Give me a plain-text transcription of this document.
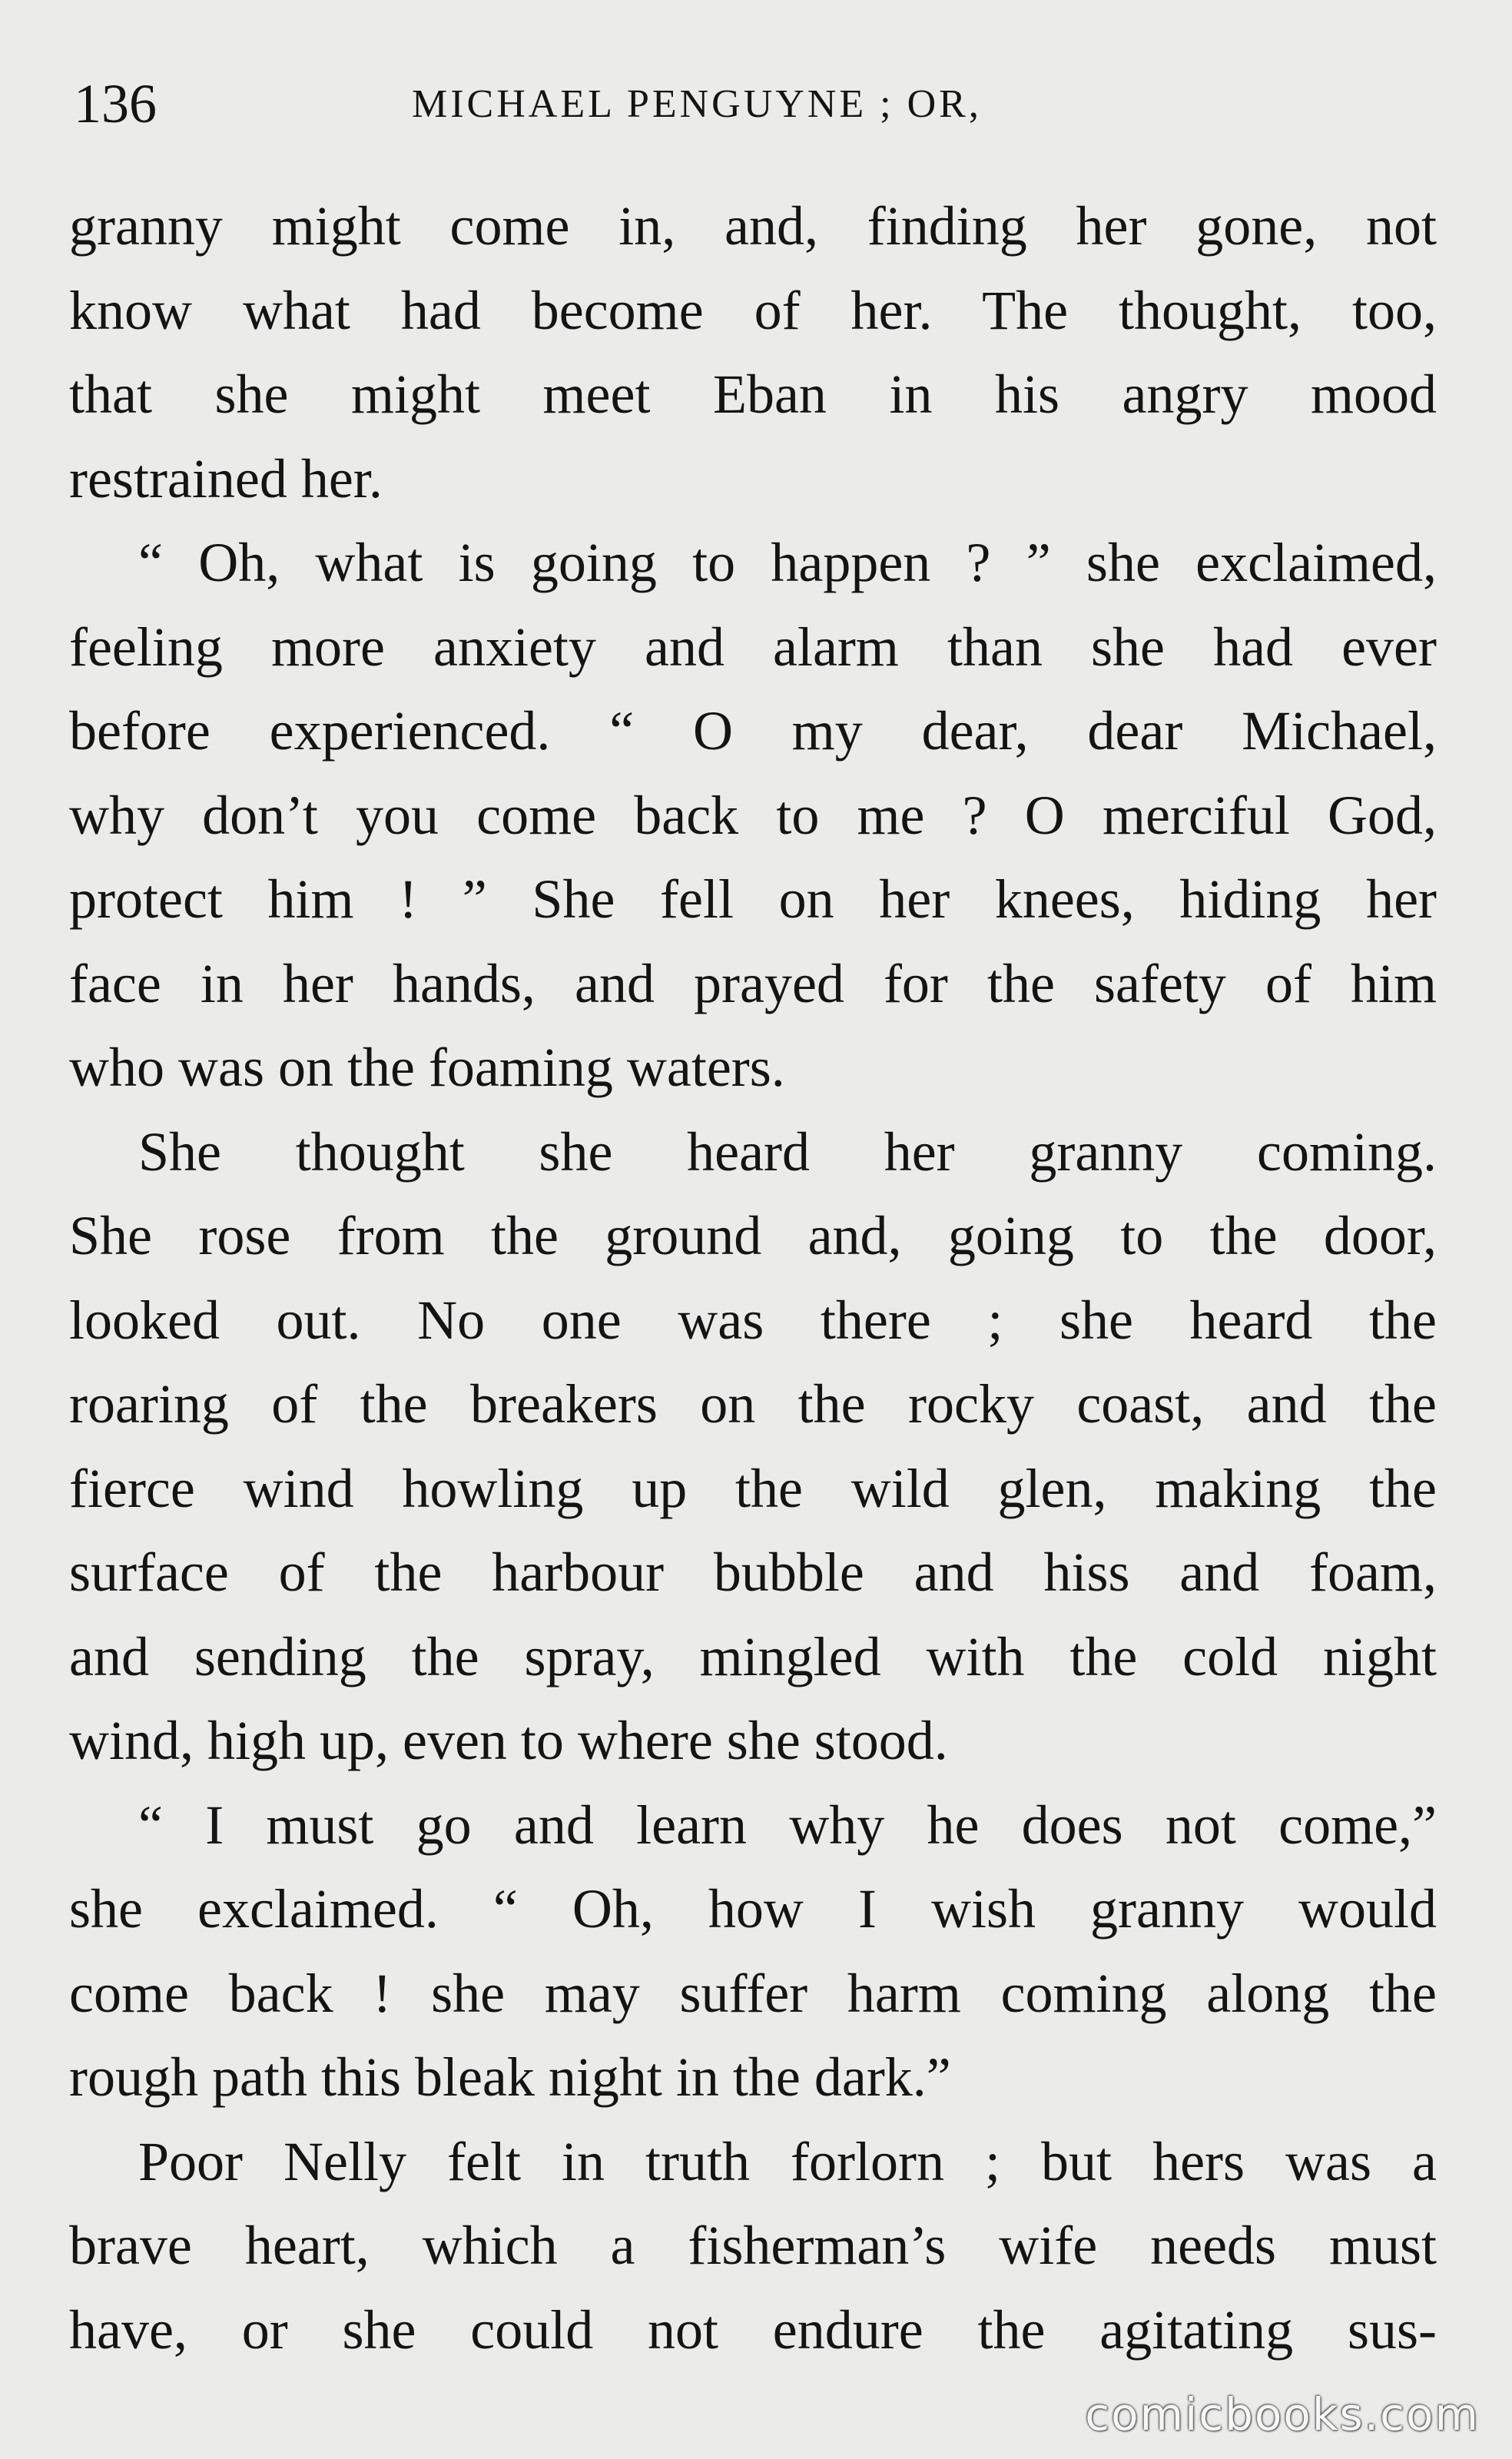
136	MICHAEL PENGUYNE ; OR,

granny might come in, and, finding her gone, not
know what had become of her. The thought, too,
that she might meet Eban in his angry mood
restrained her.

“ Oh, what is going to happen ? ” she exclaimed,
feeling more anxiety and alarm than she had ever
before experienced. “ O my dear, dear Michael,
why don’t you come back to me ? O merciful God,
protect him ! ” She fell on her knees, hiding her
face in her hands, and prayed for the safety of him
who was on the foaming waters.

She thought she heard her granny coming.
She rose from the ground and, going to the door,
looked out. No one was there ; she heard the
roaring of the breakers on the rocky coast, and the
fierce wind howling up the wild glen, making the
surface of the harbour bubble and hiss and foam,
and sending the spray, mingled with the cold night
wind, high up, even to where she stood.

“ I must go and learn why he does not come,”
she exclaimed. “ Oh, how I wish granny would
come back ! she may suffer harm coming along the
rough path this bleak night in the dark.”

Poor Nelly felt in truth forlorn ; but hers was a
brave heart, which a fisherman’s wife needs must
have, or she could not endure the agitating sus-

comicbooks.com
